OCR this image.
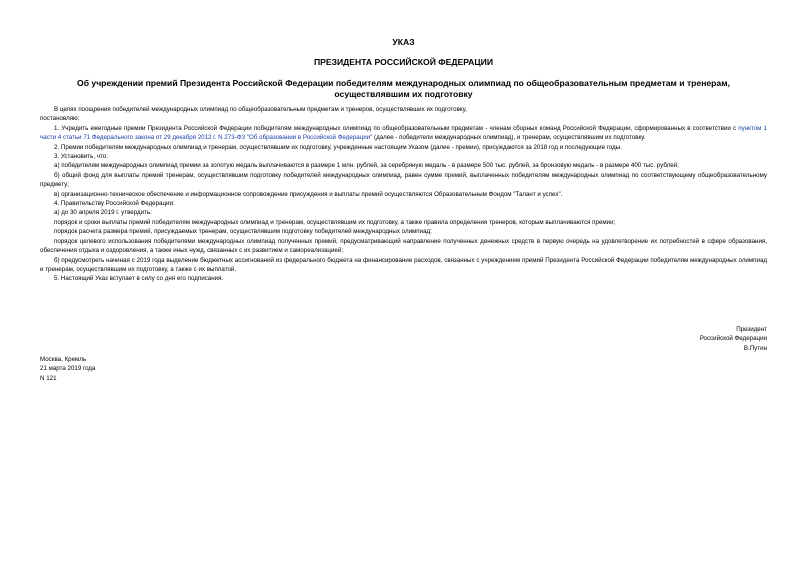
УКАЗ
ПРЕЗИДЕНТА РОССИЙСКОЙ ФЕДЕРАЦИИ
Об учреждении премий Президента Российской Федерации победителям международных олимпиад по общеобразовательным предметам и тренерам, осуществлявшим их подготовку

В целях поощрения победителей международных олимпиад по общеобразовательным предметам и тренеров, осуществлявших их подготовку,

постановляю:

1. Учредить ежегодные премии Президента Российской Федерации победителям международных олимпиад по общеобразовательным предметам - членам сборных команд Российской Федерации, сформированных в соответствии с пунктом 1 части 4 статьи 71 Федерального закона от 29 декабря 2012 г. N 273-ФЗ "Об образовании в Российской Федерации" (далее - победители международных олимпиад), и тренерам, осуществлявшим их подготовку.

2. Премии победителям международных олимпиад и тренерам, осуществлявшим их подготовку, учрежденные настоящим Указом (далее - премии), присуждаются за 2018 год и последующие годы.

3. Установить, что:

а) победителям международных олимпиад премии за золотую медаль выплачиваются в размере 1 млн. рублей, за серебряную медаль - в размере 500 тыс. рублей, за бронзовую медаль - в размере 400 тыс. рублей;

б) общий фонд для выплаты премий тренерам, осуществлявшим подготовку победителей международных олимпиад, равен сумме премий, выплаченных победителям международных олимпиад по соответствующему общеобразовательному предмету;

в) организационно-техническое обеспечение и информационное сопровождение присуждения и выплаты премий осуществляются Образовательным Фондом "Талант и успех".

4. Правительству Российской Федерации:

а) до 30 апреля 2019 г. утвердить:

порядок и сроки выплаты премий победителям международных олимпиад и тренерам, осуществлявшим их подготовку, а также правила определения тренеров, которым выплачиваются премии;

порядок расчета размера премий, присуждаемых тренерам, осуществлявшим подготовку победителей международных олимпиад;

порядок целевого использования победителями международных олимпиад полученных премий, предусматривающий направление полученных денежных средств в первую очередь на удовлетворение их потребностей в сфере образования, обеспечения отдыха и оздоровления, а также иных нужд, связанных с их развитием и самореализацией;

б) предусмотреть начиная с 2019 года выделение бюджетных ассигнований из федерального бюджета на финансирование расходов, связанных с учреждением премий Президента Российской Федерации победителям международных олимпиад и тренерам, осуществлявшим их подготовку, а также с их выплатой.

5. Настоящий Указ вступает в силу со дня его подписания.

Президент
Российской Федерации
В.Путин
Москва, Кремль
21 марта 2019 года
N 121
